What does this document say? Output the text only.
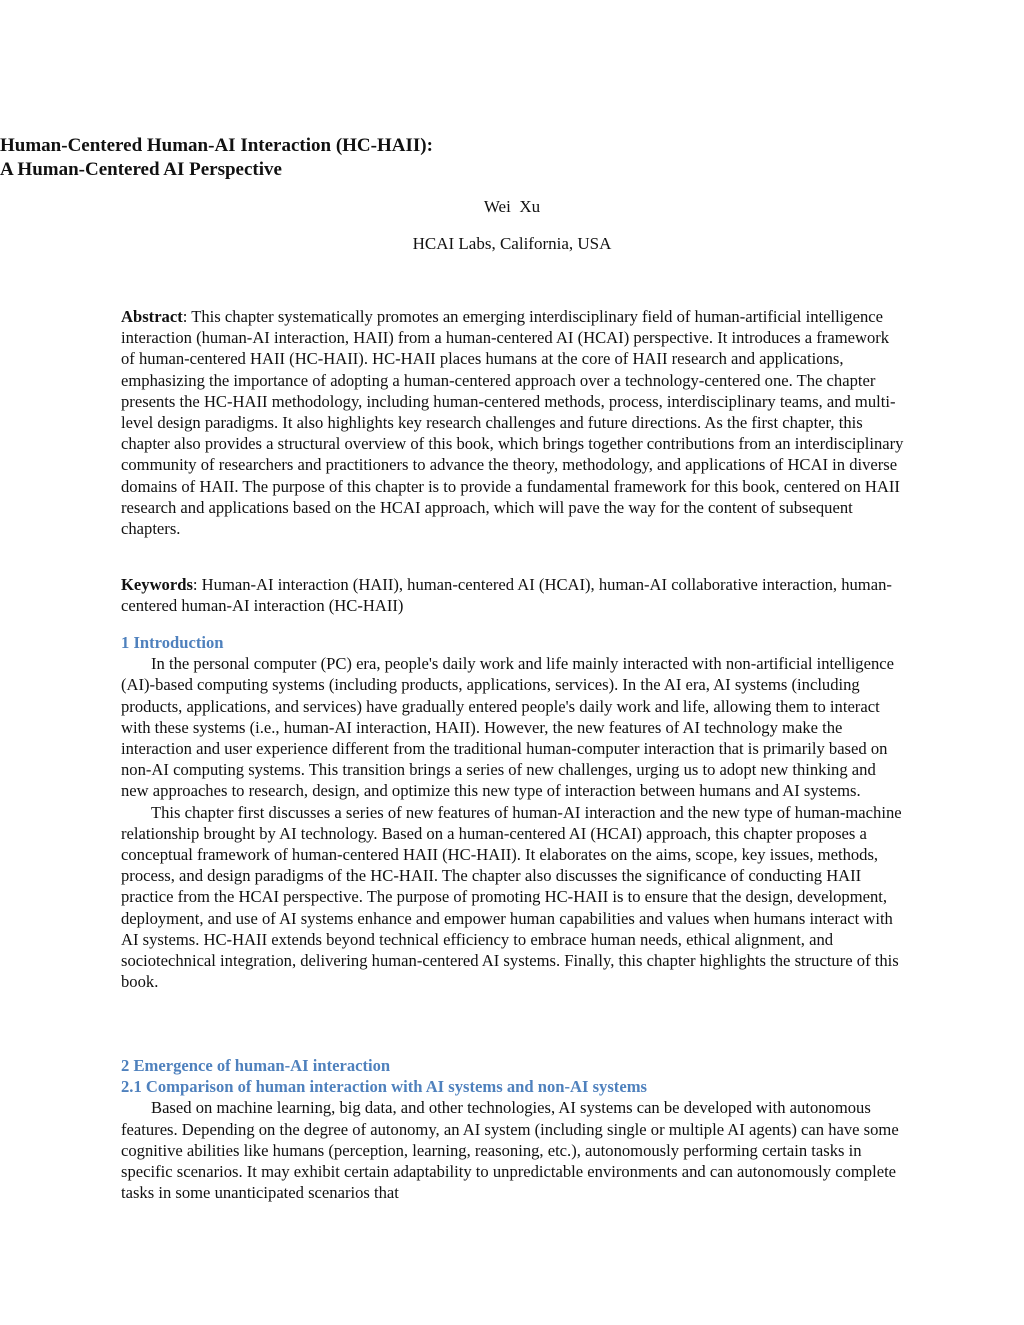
Human-Centered Human-AI Interaction (HC-HAII):

A Human-Centered AI Perspective

Wei  Xu

HCAI Labs, California, USA

Abstract: This chapter systematically promotes an emerging interdisciplinary field of human-artificial intelligence interaction (human-AI interaction, HAII) from a human-centered AI (HCAI) perspective. It introduces a framework of human-centered HAII (HC-HAII). HC-HAII places humans at the core of HAII research and applications, emphasizing the importance of adopting a human-centered approach over a technology-centered one. The chapter presents the HC-HAII methodology, including human-centered methods, process, interdisciplinary teams, and multi-level design paradigms. It also highlights key research challenges and future directions. As the first chapter, this chapter also provides a structural overview of this book, which brings together contributions from an interdisciplinary community of researchers and practitioners to advance the theory, methodology, and applications of HCAI in diverse domains of HAII. The purpose of this chapter is to provide a fundamental framework for this book, centered on HAII research and applications based on the HCAI approach, which will pave the way for the content of subsequent chapters.

Keywords: Human-AI interaction (HAII), human-centered AI (HCAI), human-AI collaborative interaction, human-centered human-AI interaction (HC-HAII)

1 Introduction

In the personal computer (PC) era, people's daily work and life mainly interacted with non-artificial intelligence (AI)-based computing systems (including products, applications, services). In the AI era, AI systems (including products, applications, and services) have gradually entered people's daily work and life, allowing them to interact with these systems (i.e., human-AI interaction, HAII). However, the new features of AI technology make the interaction and user experience different from the traditional human-computer interaction that is primarily based on non-AI computing systems. This transition brings a series of new challenges, urging us to adopt new thinking and new approaches to research, design, and optimize this new type of interaction between humans and AI systems.

This chapter first discusses a series of new features of human-AI interaction and the new type of human-machine relationship brought by AI technology. Based on a human-centered AI (HCAI) approach, this chapter proposes a conceptual framework of human-centered HAII (HC-HAII). It elaborates on the aims, scope, key issues, methods, process, and design paradigms of the HC-HAII. The chapter also discusses the significance of conducting HAII practice from the HCAI perspective. The purpose of promoting HC-HAII is to ensure that the design, development, deployment, and use of AI systems enhance and empower human capabilities and values when humans interact with AI systems. HC-HAII extends beyond technical efficiency to embrace human needs, ethical alignment, and sociotechnical integration, delivering human-centered AI systems. Finally, this chapter highlights the structure of this book.

2 Emergence of human-AI interaction

2.1 Comparison of human interaction with AI systems and non-AI systems

Based on machine learning, big data, and other technologies, AI systems can be developed with autonomous features. Depending on the degree of autonomy, an AI system (including single or multiple AI agents) can have some cognitive abilities like humans (perception, learning, reasoning, etc.), autonomously performing certain tasks in specific scenarios. It may exhibit certain adaptability to unpredictable environments and can autonomously complete tasks in some unanticipated scenarios that
